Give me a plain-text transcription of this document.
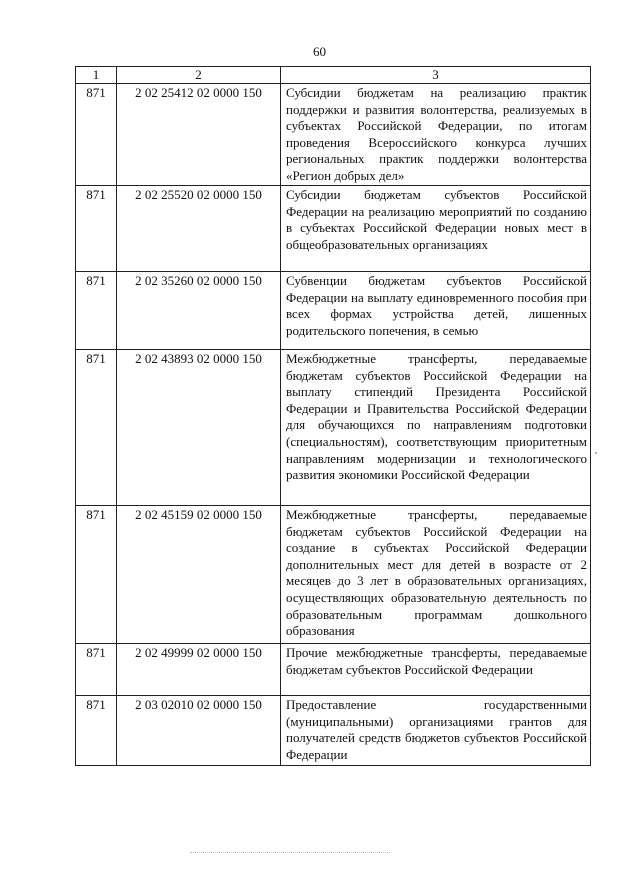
60
1	2	3
871	2 02 25412 02 0000 150	Субсидии бюджетам на реализацию практик поддержки и развития волонтерства, реализуемых в субъектах Российской Федерации, по итогам проведения Всероссийского конкурса лучших региональных практик поддержки волонтерства «Регион добрых дел»
871	2 02 25520 02 0000 150	Субсидии бюджетам субъектов Российской Федерации на реализацию мероприятий по созданию в субъектах Российской Федерации новых мест в общеобразовательных организациях
871	2 02 35260 02 0000 150	Субвенции бюджетам субъектов Российской Федерации на выплату единовременного пособия при всех формах устройства детей, лишенных родительского попечения, в семью
871	2 02 43893 02 0000 150	Межбюджетные трансферты, передаваемые бюджетам субъектов Российской Федерации на выплату стипендий Президента Российской Федерации и Правительства Российской Федерации для обучающихся по направлениям подготовки (специальностям), соответствующим приоритетным направлениям модернизации и технологического развития экономики Российской Федерации
871	2 02 45159 02 0000 150	Межбюджетные трансферты, передаваемые бюджетам субъектов Российской Федерации на создание в субъектах Российской Федерации дополнительных мест для детей в возрасте от 2 месяцев до 3 лет в образовательных организациях, осуществляющих образовательную деятельность по образовательным программам дошкольного образования
871	2 02 49999 02 0000 150	Прочие межбюджетные трансферты, передаваемые бюджетам субъектов Российской Федерации
871	2 03 02010 02 0000 150	Предоставление государственными (муниципальными) организациями грантов для получателей средств бюджетов субъектов Российской Федерации
